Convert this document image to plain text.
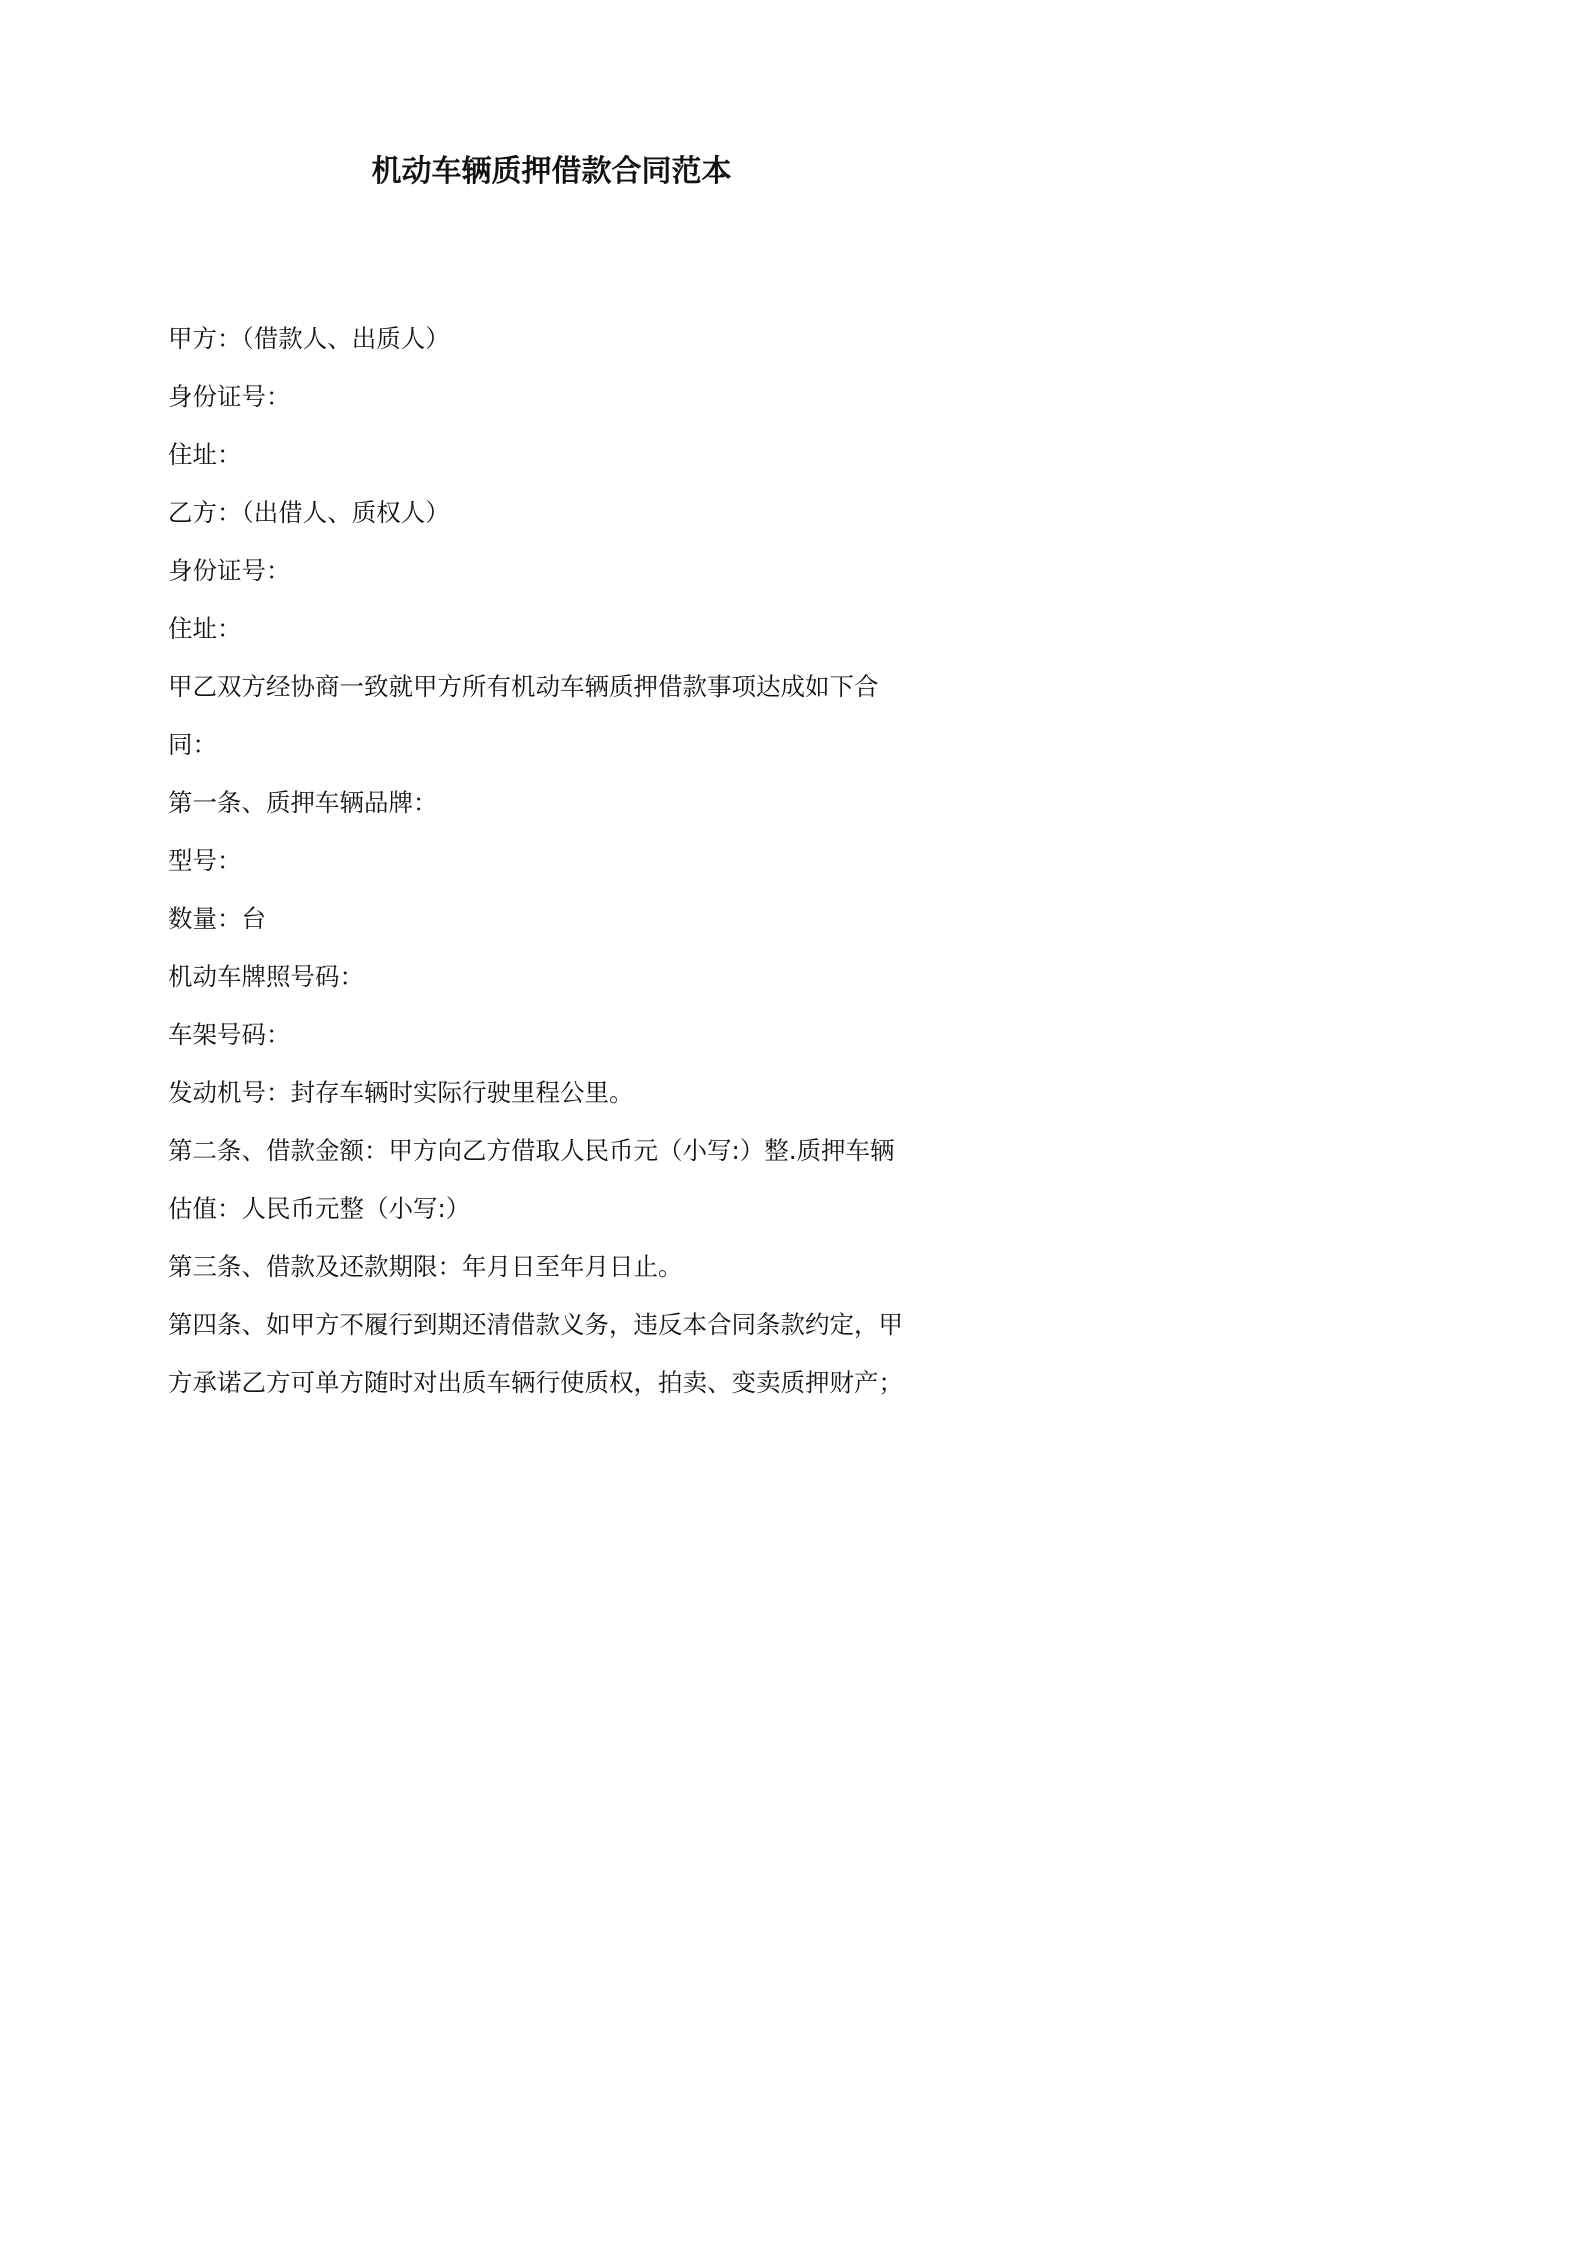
机动车辆质押借款合同范本
甲方：（借款人、出质人）
身份证号：
住址：
乙方：（出借人、质权人）
身份证号：
住址：
甲乙双方经协商一致就甲方所有机动车辆质押借款事项达成如下合
同：
第一条、质押车辆品牌：
型号：
数量：台
机动车牌照号码：
车架号码：
发动机号：封存车辆时实际行驶里程公里。
第二条、借款金额：甲方向乙方借取人民币元（小写:）整.质押车辆
估值：人民币元整（小写:）
第三条、借款及还款期限：年月日至年月日止。
第四条、如甲方不履行到期还清借款义务，违反本合同条款约定，甲
方承诺乙方可单方随时对出质车辆行使质权，拍卖、变卖质押财产；
